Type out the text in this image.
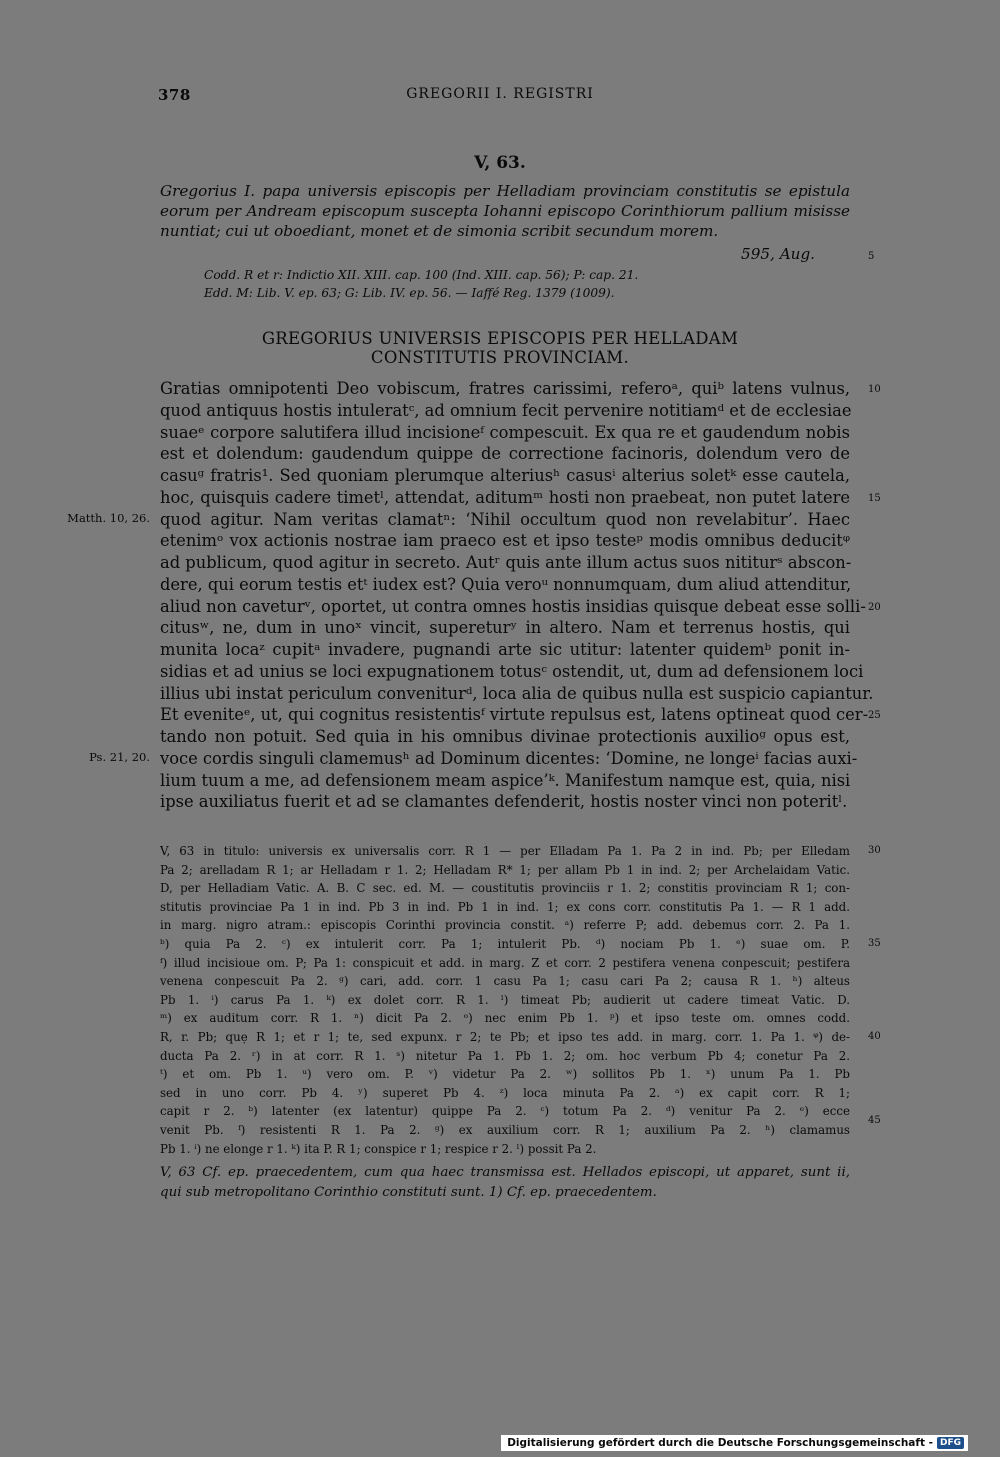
378	GREGORII I. REGISTRI
V, 63.
Gregorius I. papa universis episcopis per Helladiam provinciam constitutis se epistula eorum per Andream episcopum suscepta Iohanni episcopo Corinthiorum pallium misisse nuntiat; cui ut oboediant, monet et de simonia scribit secundum morem.
595, Aug.	5
Codd. R et r: Indictio XII. XIII. cap. 100 (Ind. XIII. cap. 56); P: cap. 21.
Edd. M: Lib. V. ep. 63; G: Lib. IV. ep. 56. — Iaffé Reg. 1379 (1009).
GREGORIUS UNIVERSIS EPISCOPIS PER HELLADAM
CONSTITUTIS PROVINCIAM.
Gratias omnipotenti Deo vobiscum, fratres carissimi, referoᵃ, quiᵇ latens vulnus,
quod antiquus hostis intuleratᶜ, ad omnium fecit pervenire notitiamᵈ et de ecclesiae
suaeᵉ corpore salutifera illud incisioneᶠ compescuit. Ex qua re et gaudendum nobis
est et dolendum: gaudendum quippe de correctione facinoris, dolendum vero de
casuᵍ fratris¹. Sed quoniam plerumque alteriusʰ casusⁱ alterius soletᵏ esse cautela,
hoc, quisquis cadere timetˡ, attendat, aditumᵐ hosti non praebeat, non putet latere
quod agitur. Nam veritas clamatⁿ: ‘Nihil occultum quod non revelabitur’. Haec
etenimᵒ vox actionis nostrae iam praeco est et ipso testeᵖ modis omnibus deducitᵠ
ad publicum, quod agitur in secreto. Autʳ quis ante illum actus suos nititurˢ abscon-
dere, qui eorum testis etᵗ iudex est? Quia veroᵘ nonnumquam, dum aliud attenditur,
aliud non caveturᵛ, oportet, ut contra omnes hostis insidias quisque debeat esse solli-
citusʷ, ne, dum in unoˣ vincit, supereturʸ in altero. Nam et terrenus hostis, qui
munita locaᶻ cupitᵃ invadere, pugnandi arte sic utitur: latenter quidemᵇ ponit in-
sidias et ad unius se loci expugnationem totusᶜ ostendit, ut, dum ad defensionem loci
illius ubi instat periculum conveniturᵈ, loca alia de quibus nulla est suspicio capiantur.
Et eveniteᵉ, ut, qui cognitus resistentisᶠ virtute repulsus est, latens optineat quod cer-
tando non potuit. Sed quia in his omnibus divinae protectionis auxilioᵍ opus est,
voce cordis singuli clamemusʰ ad Dominum dicentes: ‘Domine, ne longeⁱ facias auxi-
lium tuum a me, ad defensionem meam aspice’ᵏ. Manifestum namque est, quia, nisi
ipse auxiliatus fuerit et ad se clamantes defenderit, hostis noster vinci non poteritˡ.
10
15
20
25
Matth. 10, 26.
Ps. 21, 20.
V, 63 in titulo: universis ex universalis corr. R 1 — per Elladam Pa 1. Pa 2 in ind. Pb; per Elledam
Pa 2; arelladam R 1; ar Helladam r 1. 2; Helladam R* 1; per allam Pb 1 in ind. 2; per Archelaidam Vatic.
D, per Helladiam Vatic. A. B. C sec. ed. M. — coustitutis provinciis r 1. 2; constitis provinciam R 1; con-
stitutis provinciae Pa 1 in ind. Pb 3 in ind. Pb 1 in ind. 1; ex cons corr. constitutis Pa 1. — R 1 add.
in marg. nigro atram.: episcopis Corinthi provincia constit. ᵃ) referre P; add. debemus corr. 2. Pa 1.
ᵇ) quia Pa 2. ᶜ) ex intulerit corr. Pa 1; intulerit Pb. ᵈ) nociam Pb 1. ᵉ) suae om. P.
ᶠ) illud incisioue om. P; Pa 1: conspicuit et add. in marg. Z et corr. 2 pestifera venena conpescuit; pestifera
venena conpescuit Pa 2. ᵍ) cari, add. corr. 1 casu Pa 1; casu cari Pa 2; causa R 1. ʰ) alteus
Pb 1. ⁱ) carus Pa 1. ᵏ) ex dolet corr. R 1. ˡ) timeat Pb; audierit ut cadere timeat Vatic. D.
ᵐ) ex auditum corr. R 1. ⁿ) dicit Pa 2. ᵒ) nec enim Pb 1. ᵖ) et ipso teste om. omnes codd.
R, r. Pb; quẹ R 1; et r 1; te, sed expunx. r 2; te Pb; et ipso tes add. in marg. corr. 1. Pa 1. ᵠ) de-
ducta Pa 2. ʳ) in at corr. R 1. ˢ) nitetur Pa 1. Pb 1. 2; om. hoc verbum Pb 4; conetur Pa 2.
ᵗ) et om. Pb 1. ᵘ) vero om. P. ᵛ) videtur Pa 2. ʷ) sollitos Pb 1. ˣ) unum Pa 1. Pb
sed in uno corr. Pb 4. ʸ) superet Pb 4. ᶻ) loca minuta Pa 2. ᵃ) ex capit corr. R 1;
capit r 2. ᵇ) latenter (ex latentur) quippe Pa 2. ᶜ) totum Pa 2. ᵈ) venitur Pa 2. ᵉ) ecce
venit Pb. ᶠ) resistenti R 1. Pa 2. ᵍ) ex auxilium corr. R 1; auxilium Pa 2. ʰ) clamamus
Pb 1. ⁱ) ne elonge r 1. ᵏ) ita P. R 1; conspice r 1; respice r 2. ˡ) possit Pa 2.
30
35
40
45
V, 63 Cf. ep. praecedentem, cum qua haec transmissa est. Hellados episcopi, ut apparet, sunt ii,
qui sub metropolitano Corinthio constituti sunt. 1) Cf. ep. praecedentem.
Digitalisierung gefördert durch die Deutsche Forschungsgemeinschaft - DFG
